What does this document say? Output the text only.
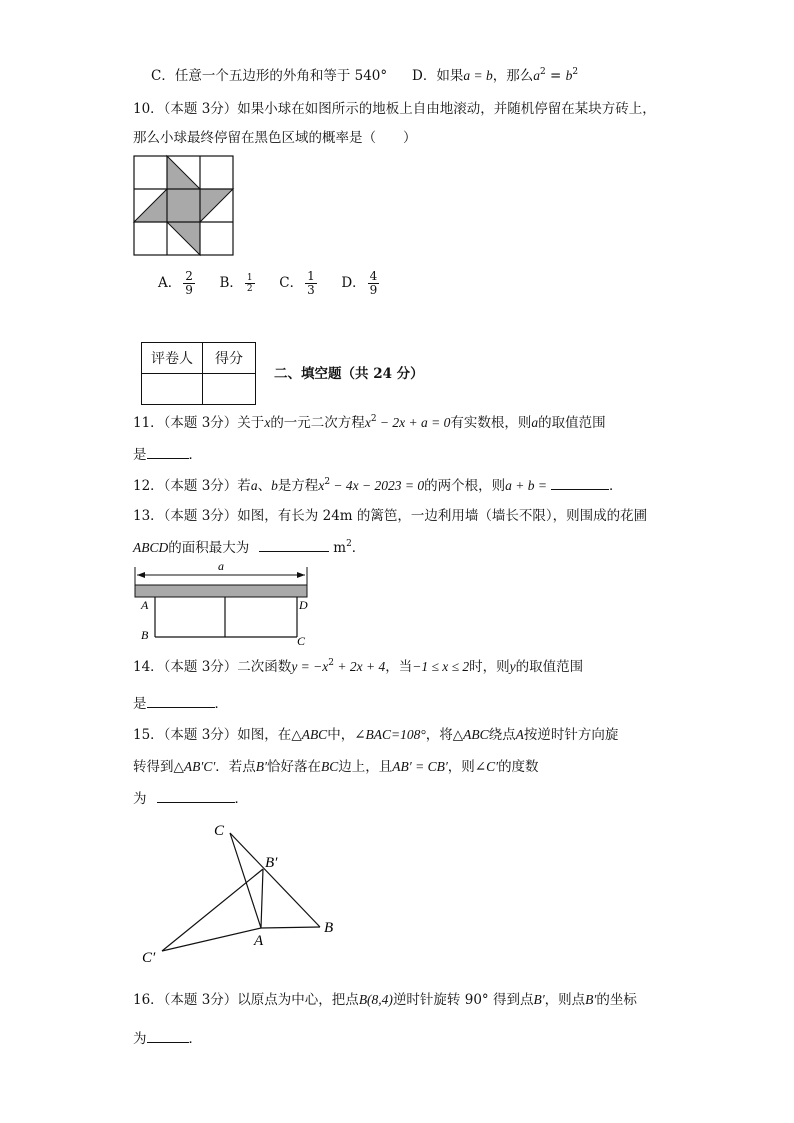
C．任意一个五边形的外角和等于 540° D．如果a = b，那么$a^2 = b^2$
10．（本题 3分）如果小球在如图所示的地板上自由地滚动，并随机停留在某块方砖上，
那么小球最终停留在黑色区域的概率是（　　）
A． $\frac{2}{9}$ B． $\frac{1}{2}$ C． $\frac{1}{3}$ D． $\frac{4}{9}$
评卷人	得分

二、填空题（共 24 分）
11．（本题 3分）关于x的一元二次方程$x^2 - 2x + a = 0$有实数根，则a的取值范围
是	．
12．（本题 3分）若a、b是方程$x^2 - 4x - 2023 = 0$的两个根，则a + b =	．
13．（本题 3分）如图，有长为 24m 的篱笆，一边利用墙（墙长不限），则围成的花圃
ABCD的面积最大为	$m^2$．
a
A	D
B	C
14．（本题 3分）二次函数$y = -x^2 + 2x + 4$，当−1 ≤ x ≤ 2时，则y的取值范围
是	．
15．（本题 3分）如图，在△ABC中，∠BAC=108°，将△ABC绕点A按逆时针方向旋
转得到△AB′C′．若点B′恰好落在BC边上，且AB′ = CB′，则∠C′的度数
为	．
C
B′
B
A
C′
16．（本题 3分）以原点为中心，把点B(8,4)逆时针旋转 90° 得到点B′，则点B′的坐标
为	．
